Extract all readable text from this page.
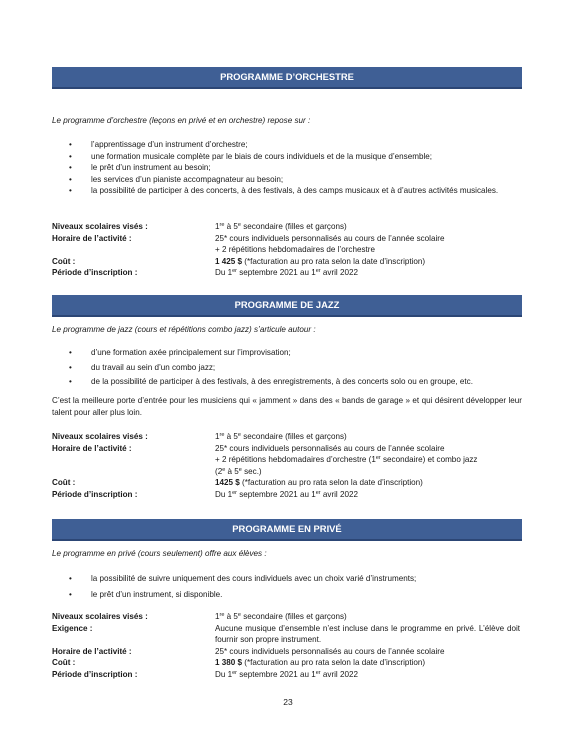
PROGRAMME D’ORCHESTRE
Le programme d’orchestre (leçons en privé et en orchestre) repose sur :
• l’apprentissage d’un instrument d’orchestre;
• une formation musicale complète par le biais de cours individuels et de la musique d’ensemble;
• le prêt d’un instrument au besoin;
• les services d’un pianiste accompagnateur au besoin;
• la possibilité de participer à des concerts, à des festivals, à des camps musicaux et à d’autres activités musicales.
Niveaux scolaires visés :	1re à 5e secondaire (filles et garçons)
Horaire de l’activité :	25* cours individuels personnalisés au cours de l’année scolaire
+ 2 répétitions hebdomadaires de l’orchestre
Coût :	1 425 $ (*facturation au pro rata selon la date d’inscription)
Période d’inscription :	Du 1er septembre 2021 au 1er avril 2022
PROGRAMME DE JAZZ
Le programme de jazz (cours et répétitions combo jazz) s’articule autour :
• d’une formation axée principalement sur l’improvisation;
• du travail au sein d’un combo jazz;
• de la possibilité de participer à des festivals, à des enregistrements, à des concerts solo ou en groupe, etc.
C’est la meilleure porte d’entrée pour les musiciens qui « jamment » dans des « bands de garage » et qui désirent développer leur talent pour aller plus loin.
Niveaux scolaires visés :	1re à 5e secondaire (filles et garçons)
Horaire de l’activité :	25* cours individuels personnalisés au cours de l’année scolaire
+ 2 répétitions hebdomadaires d’orchestre (1er secondaire) et combo jazz
(2e à 5e sec.)
Coût :	1425 $ (*facturation au pro rata selon la date d’inscription)
Période d’inscription :	Du 1er septembre 2021 au 1er avril 2022
PROGRAMME EN PRIVÉ
Le programme en privé (cours seulement) offre aux élèves :
• la possibilité de suivre uniquement des cours individuels avec un choix varié d’instruments;
• le prêt d’un instrument, si disponible.
Niveaux scolaires visés :	1re à 5e secondaire (filles et garçons)
Exigence :	Aucune musique d’ensemble n’est incluse dans le programme en privé. L’élève doit fournir son propre instrument.
Horaire de l’activité :	25* cours individuels personnalisés au cours de l’année scolaire
Coût :	1 380 $ (*facturation au pro rata selon la date d’inscription)
Période d’inscription :	Du 1er septembre 2021 au 1er avril 2022
23
